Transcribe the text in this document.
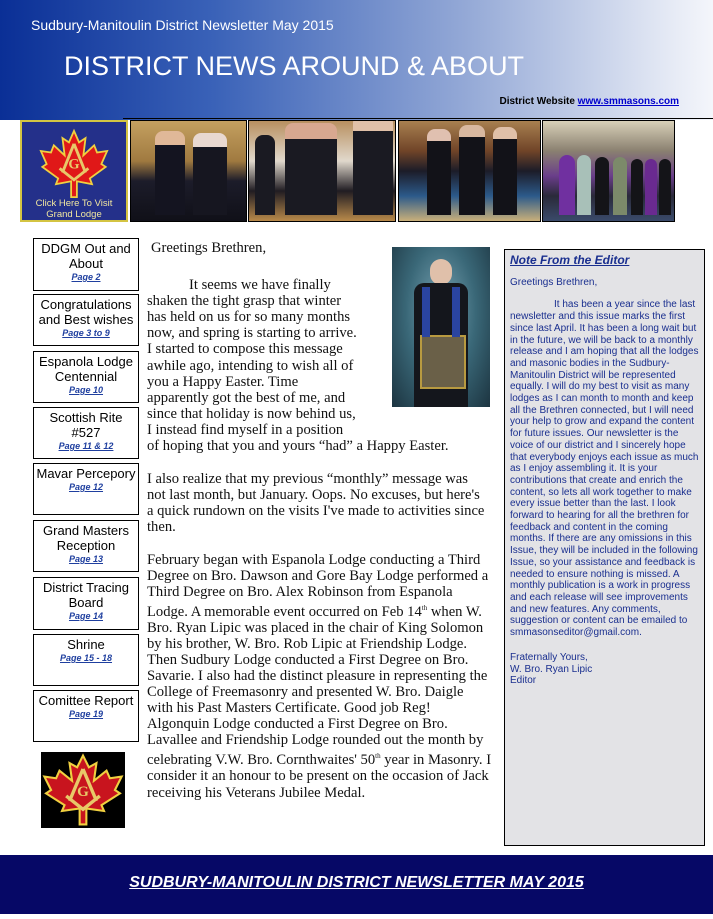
Sudbury-Manitoulin District Newsletter May 2015
DISTRICT NEWS AROUND & ABOUT
District Website www.smmasons.com
G
Click Here To Visit
Grand Lodge
DDGM Out and About
Page 2
Congratulations and Best wishes
Page 3 to 9
Espanola Lodge Centennial
Page 10
Scottish Rite #527
Page 11 & 12
Mavar Percepory
Page 12
Grand Masters Reception
Page 13
District Tracing Board
Page 14
Shrine
Page 15 - 18
Comittee Report
Page 19
G

Greetings Brethren,

It seems we have finally
shaken the tight grasp that winter
has held on us for so many months
now, and spring is starting to arrive.
I started to compose this message
awhile ago, intending to wish all of
you a Happy Easter. Time
apparently got the best of me, and
since that holiday is now behind us,
I instead find myself in a position
of hoping that you and yours “had” a Happy Easter.

I also realize that my previous “monthly” message was not last month, but January. Oops. No excuses, but here's a quick rundown on the visits I've made to activities since then.

February began with Espanola Lodge conducting a Third Degree on Bro. Dawson and Gore Bay Lodge performed a Third Degree on Bro. Alex Robinson from Espanola Lodge. A memorable event occurred on Feb 14th when W. Bro. Ryan Lipic was placed in the chair of King Solomon by his brother, W. Bro. Rob Lipic at Friendship Lodge. Then Sudbury Lodge conducted a First Degree on Bro. Savarie. I also had the distinct pleasure in representing the College of Freemasonry and presented W. Bro. Daigle with his Past Masters Certificate. Good job Reg! Algonquin Lodge conducted a First Degree on Bro. Lavallee and Friendship Lodge rounded out the month by celebrating V.W. Bro. Cornthwaites' 50th year in Masonry. I consider it an honour to be present on the occasion of Jack receiving his Veterans Jubilee Medal.

Note From the Editor

Greetings Brethren,

It has been a year since the last newsletter and this issue marks the first since last April. It has been a long wait but in the future, we will be back to a monthly release and I am hoping that all the lodges and masonic bodies in the Sudbury-Manitoulin District will be represented equally. I will do my best to visit as many lodges as I can month to month and keep all the Brethren connected, but I will need your help to grow and expand the content for future issues. Our newsletter is the voice of our district and I sincerely hope that everybody enjoys each issue as much as I enjoy assembling it. It is your contributions that create and enrich the content, so lets all work together to make every issue better than the last. I look forward to hearing for all the brethren for feedback and content in the coming months. If there are any omissions in this Issue, they will be included in the following Issue, so your assistance and feedback is needed to ensure nothing is missed. A monthly publication is a work in progress and each release will see improvements and new features. Any comments, suggestion or content can be emailed to smmasonseditor@gmail.com.

Fraternally Yours,
W. Bro. Ryan Lipic
Editor

SUDBURY-MANITOULIN DISTRICT NEWSLETTER MAY 2015
